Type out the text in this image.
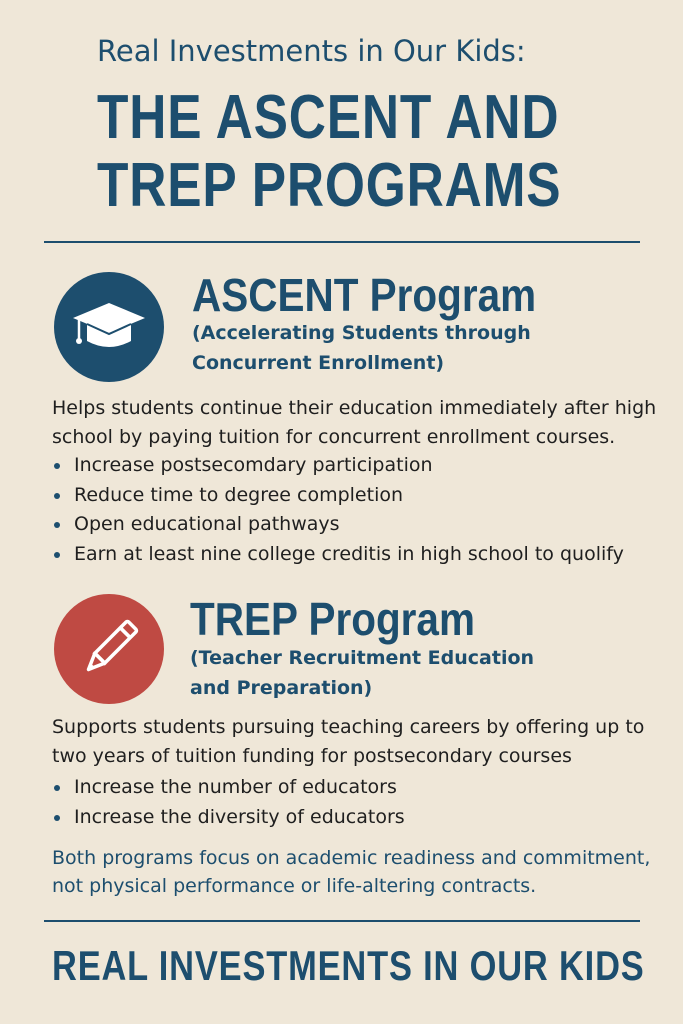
Real Investments in Our Kids:
THE ASCENT AND
TREP PROGRAMS
ASCENT Program
(Accelerating Students through
Concurrent Enrollment)
Helps students continue their education immediately after high school by paying tuition for concurrent enrollment courses.
Increase postsecomdary participation
Reduce time to degree completion
Open educational pathways
Earn at least nine college creditis in high school to quolify
TREP Program
(Teacher Recruitment Education
and Preparation)
Supports students pursuing teaching careers by offering up to two years of tuition funding for postsecondary courses
Increase the number of educators
Increase the diversity of educators
Both programs focus on academic readiness and commitment, not physical performance or life-altering contracts.
REAL INVESTMENTS IN OUR KIDS
